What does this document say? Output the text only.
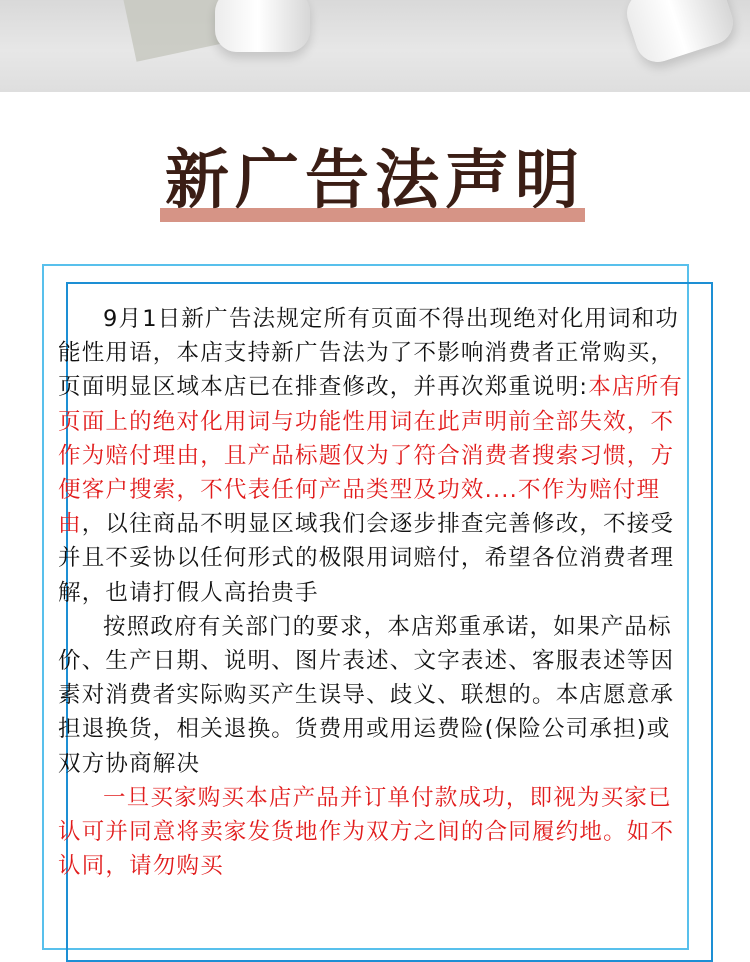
新广告法声明

9月1日新广告法规定所有页面不得出现绝对化用词和功能性用语，本店支持新广告法为了不影响消费者正常购买，页面明显区域本店已在排查修改，并再次郑重说明:本店所有页面上的绝对化用词与功能性用词在此声明前全部失效，不作为赔付理由，且产品标题仅为了符合消费者搜索习惯，方便客户搜索，不代表任何产品类型及功效....不作为赔付理由，以往商品不明显区域我们会逐步排查完善修改，不接受并且不妥协以任何形式的极限用词赔付，希望各位消费者理解，也请打假人高抬贵手

按照政府有关部门的要求，本店郑重承诺，如果产品标价、生产日期、说明、图片表述、文字表述、客服表述等因素对消费者实际购买产生误导、歧义、联想的。本店愿意承担退换货，相关退换。货费用或用运费险(保险公司承担)或双方协商解决

一旦买家购买本店产品并订单付款成功，即视为买家已认可并同意将卖家发货地作为双方之间的合同履约地。如不认同，请勿购买
